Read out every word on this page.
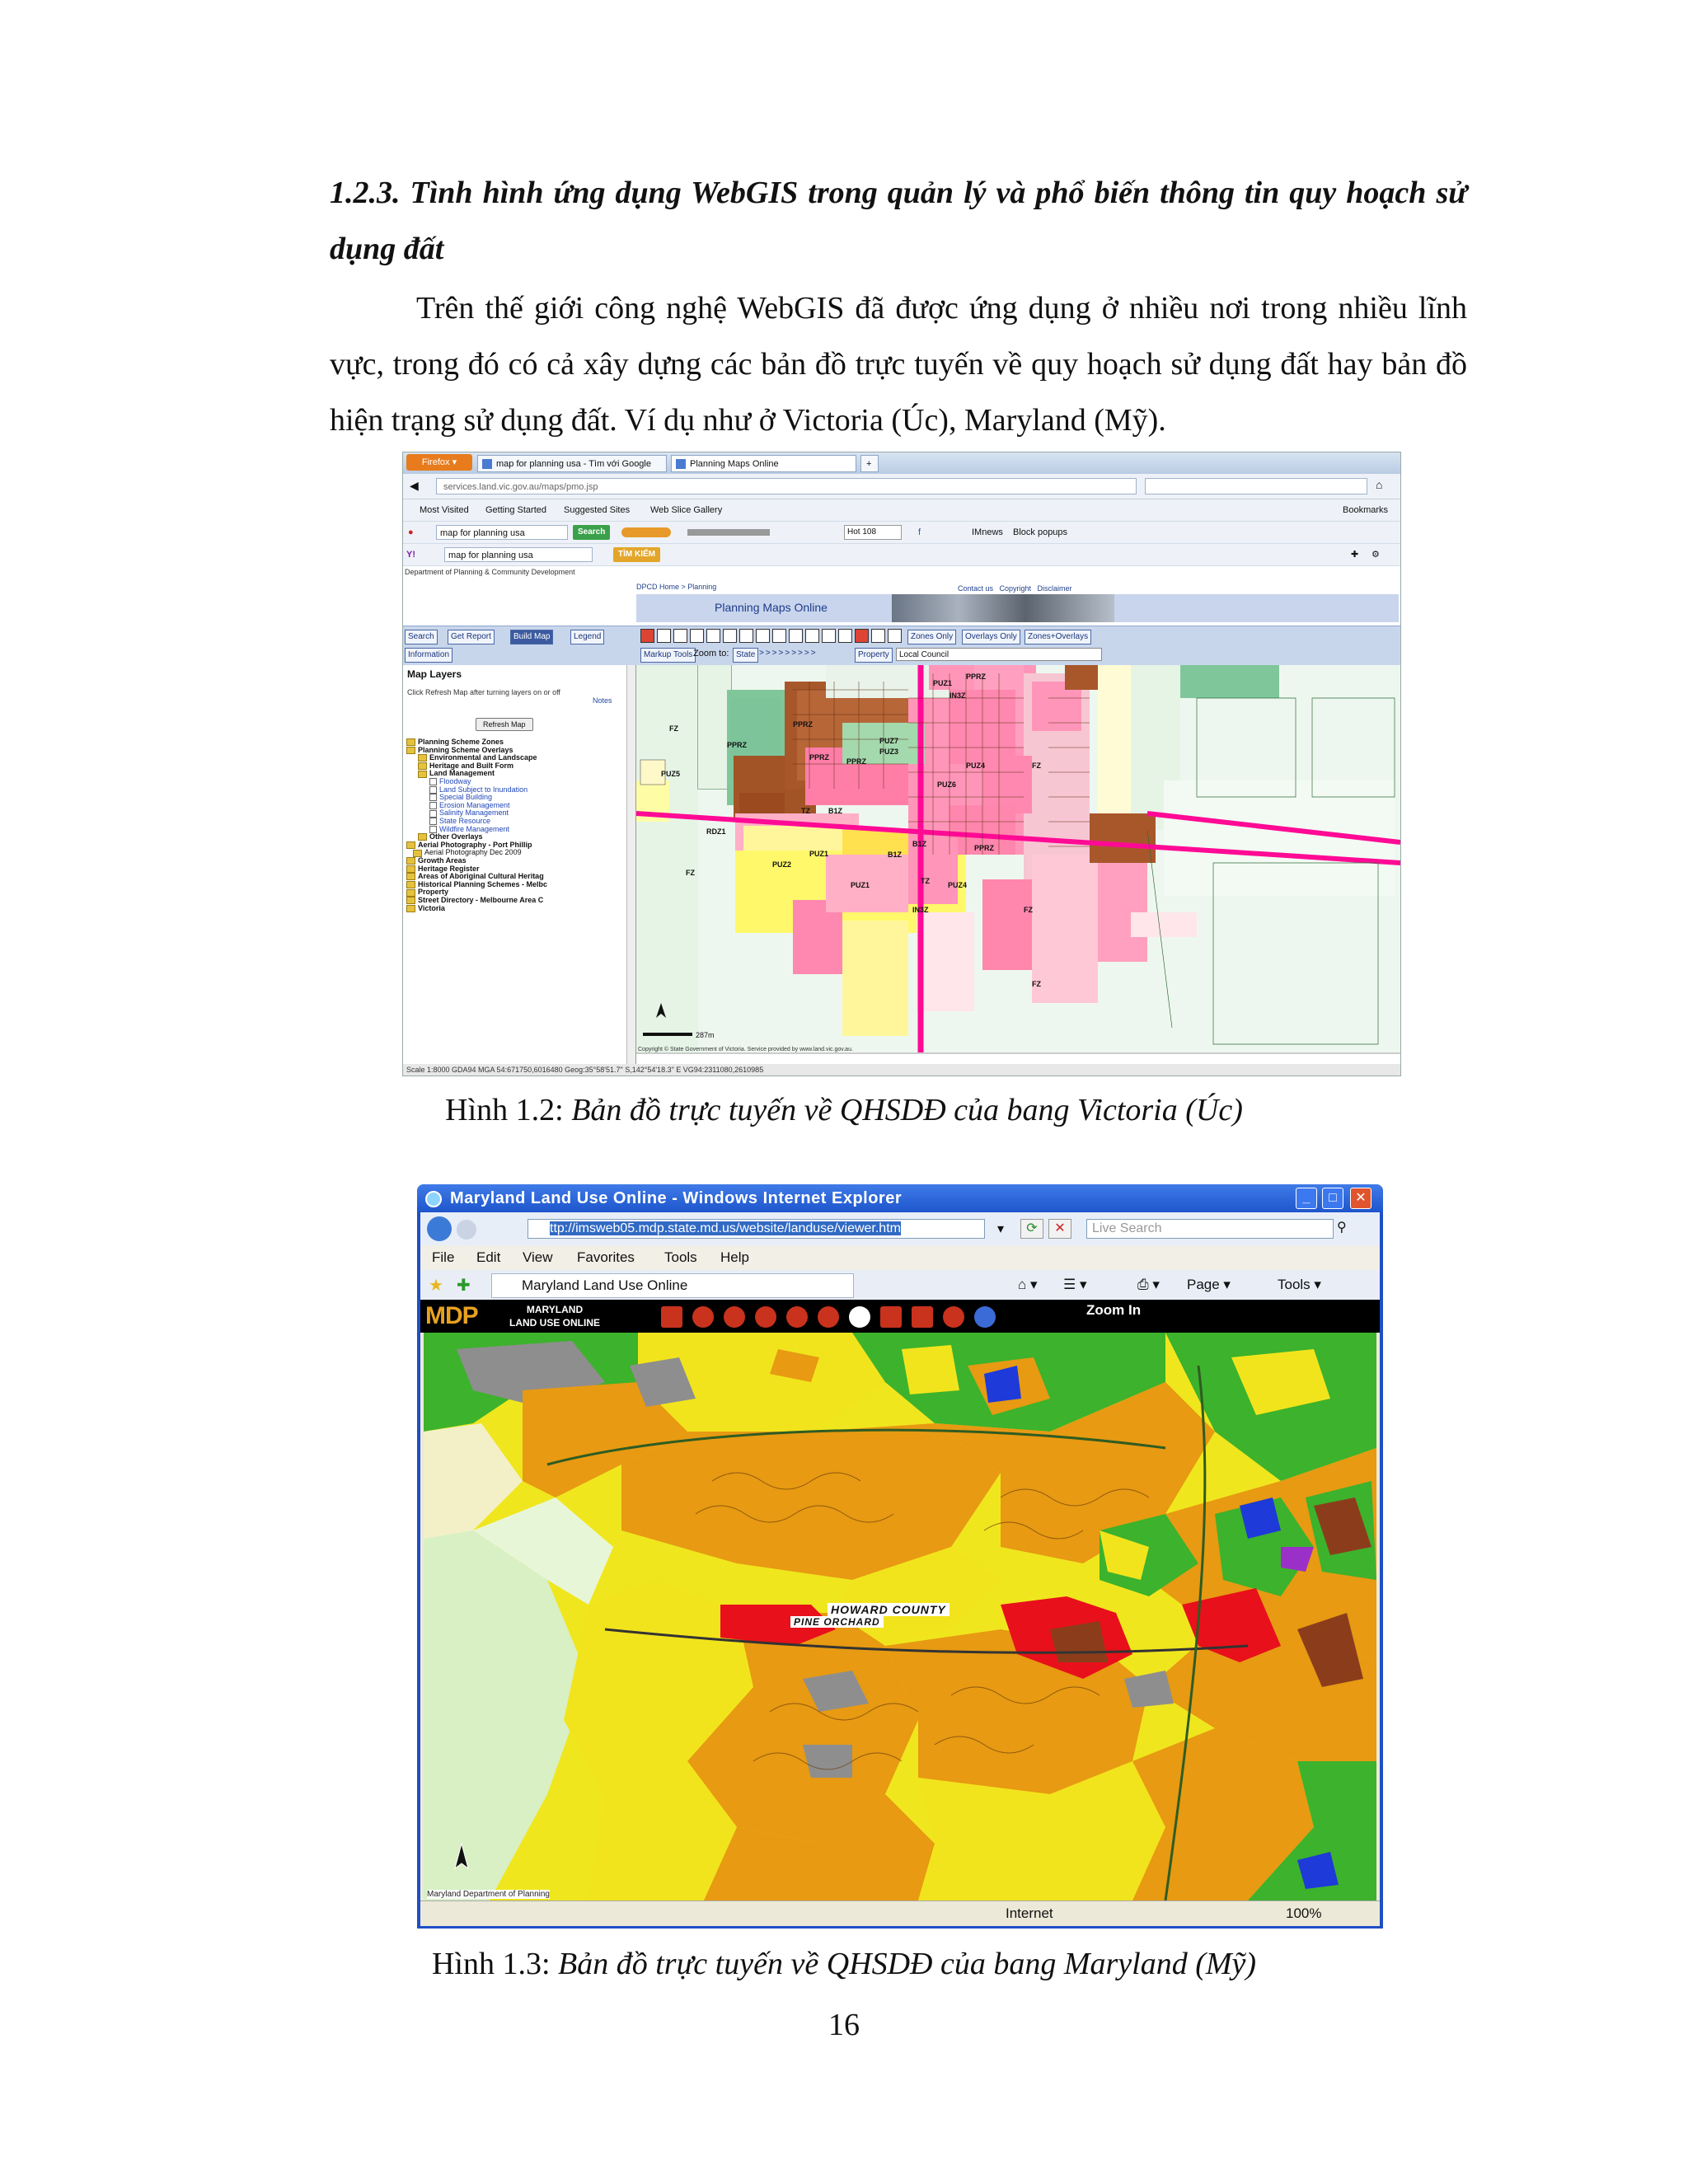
1.2.3. Tình hình ứng dụng WebGIS trong quản lý và phổ biến thông tin quy hoạch sử dụng đất
Trên thế giới công nghệ WebGIS đã được ứng dụng ở nhiều nơi trong nhiều lĩnh vực, trong đó có cả xây dựng các bản đồ trực tuyến về quy hoạch sử dụng đất hay bản đồ hiện trạng sử dụng đất. Ví dụ như ở Victoria (Úc), Maryland (Mỹ).
Firefox ▾	map for planning usa - Tìm với Google	Planning Maps Online	+
◀	services.land.vic.gov.au/maps/pmo.jsp	⌂
Most Visited Getting Started Suggested Sites Web Slice Gallery	Bookmarks
●	map for planning usa	Search	Hot 108	f	IMnews Block popups
Y!	map for planning usa	TÌM KIẾM	✚ ⚙
Department of Planning & Community Development
DPCD Home > Planning
Planning Maps Online
Contact us   Copyright   Disclaimer
Search	Get Report	Build Map	Legend
Information
Zones Only	Overlays Only	Zones+Overlays
Markup Tools Zoom to: State >>>>>>>>>	Property	Local Council
Map Layers
Click Refresh Map after turning layers on or off
Notes
Refresh Map
Planning Scheme Zones
Planning Scheme Overlays
Environmental and Landscape
Heritage and Built Form
Land Management
Floodway
Land Subject to Inundation
Special Building
Erosion Management
Salinity Management
State Resource
Wildfire Management
Other Overlays
Aerial Photography - Port Phillip
Aerial Photography Dec 2009
Growth Areas
Heritage Register
Areas of Aboriginal Cultural Heritag
Historical Planning Schemes - Melbc
Property
Street Directory - Melbourne Area C
Victoria
FZ
PPRZ
PPRZ
PPRZ
PPRZ
PUZ5
TZ B1Z
RDZ1
PUZ1
IN3Z
PPRZ
PUZ7
PUZ3
PUZ4	FZ
FZ
FZ
PUZ2
PUZ1	B1Z
TZ
IN3Z
PUZ1
B1Z	PPRZ
FZ
PUZ6
PUZ4
287m
Copyright © State Government of Victoria. Service provided by www.land.vic.gov.au.
Scale 1:8000 GDA94 MGA 54:671750,6016480 Geog:35°58'51.7" S,142°54'18.3" E VG94:2311080,2610985
Hình 1.2: Bản đồ trực tuyến về QHSDĐ của bang Victoria (Úc)
Maryland Land Use Online - Windows Internet Explorer	_	□	✕
ttp://imsweb05.mdp.state.md.us/website/landuse/viewer.htm	▾	⟳	✕	Live Search	⚲
File Edit View Favorites Tools Help
★ ✚	Maryland Land Use Online	⌂ ▾ ☰ ▾	⎙ ▾ Page ▾	Tools ▾
MDP	MARYLAND
LAND USE ONLINE
Zoom In
HOWARD COUNTY
PINE ORCHARD
Maryland Department of Planning
Internet	100%
Hình 1.3: Bản đồ trực tuyến về QHSDĐ của bang Maryland (Mỹ)
16
